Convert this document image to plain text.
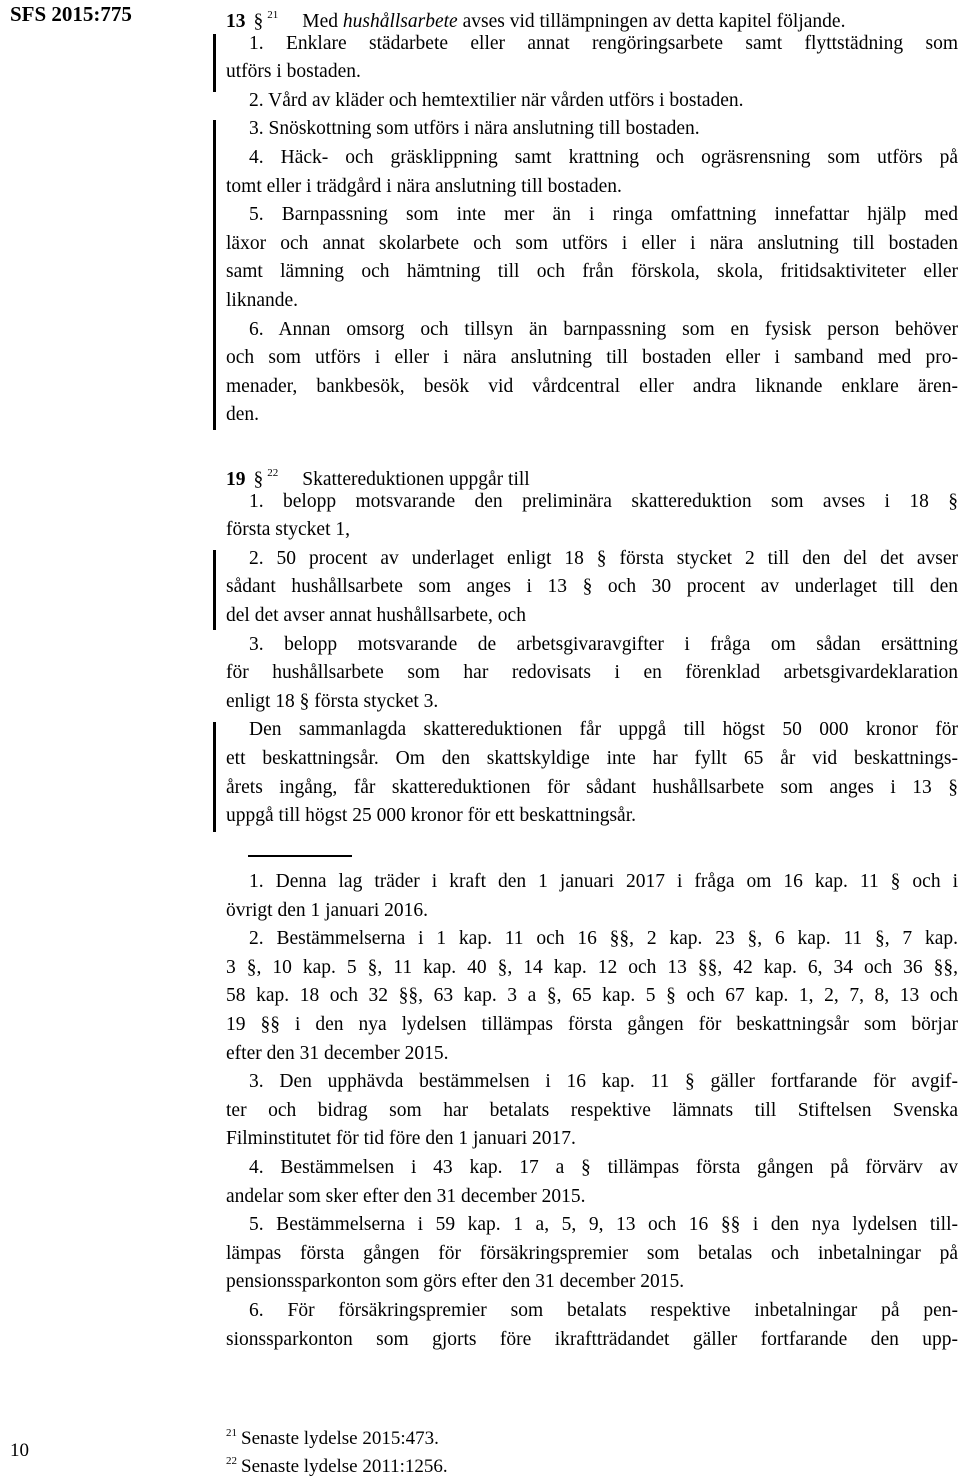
SFS 2015:775	13 § $^{21}$ Med hushållsarbete avses vid tillämpningen av detta kapitel följande.
1. Enklare städarbete eller annat rengöringsarbete samt flyttstädning som
utförs i bostaden.
2. Vård av kläder och hemtextilier när vården utförs i bostaden.
3. Snöskottning som utförs i nära anslutning till bostaden.
4. Häck- och gräsklippning samt krattning och ogräsrensning som utförs på
tomt eller i trädgård i nära anslutning till bostaden.
5. Barnpassning som inte mer än i ringa omfattning innefattar hjälp med
läxor och annat skolarbete och som utförs i eller i nära anslutning till bostaden
samt lämning och hämtning till och från förskola, skola, fritidsaktiviteter eller
liknande.
6. Annan omsorg och tillsyn än barnpassning som en fysisk person behöver
och som utförs i eller i nära anslutning till bostaden eller i samband med pro-
menader, bankbesök, besök vid vårdcentral eller andra liknande enklare ären-
den.
19 § $^{22}$ Skattereduktionen uppgår till
1. belopp motsvarande den preliminära skattereduktion som avses i 18 §
första stycket 1,
2. 50 procent av underlaget enligt 18 § första stycket 2 till den del det avser
sådant hushållsarbete som anges i 13 § och 30 procent av underlaget till den
del det avser annat hushållsarbete, och
3. belopp motsvarande de arbetsgivaravgifter i fråga om sådan ersättning
för hushållsarbete som har redovisats i en förenklad arbetsgivardeklaration
enligt 18 § första stycket 3.
Den sammanlagda skattereduktionen får uppgå till högst 50 000 kronor för
ett beskattningsår. Om den skattskyldige inte har fyllt 65 år vid beskattnings-
årets ingång, får skattereduktionen för sådant hushållsarbete som anges i 13 §
uppgå till högst 25 000 kronor för ett beskattningsår.
1. Denna lag träder i kraft den 1 januari 2017 i fråga om 16 kap. 11 § och i
övrigt den 1 januari 2016.
2. Bestämmelserna i 1 kap. 11 och 16 §§, 2 kap. 23 §, 6 kap. 11 §, 7 kap.
3 §, 10 kap. 5 §, 11 kap. 40 §, 14 kap. 12 och 13 §§, 42 kap. 6, 34 och 36 §§,
58 kap. 18 och 32 §§, 63 kap. 3 a §, 65 kap. 5 § och 67 kap. 1, 2, 7, 8, 13 och
19 §§ i den nya lydelsen tillämpas första gången för beskattningsår som börjar
efter den 31 december 2015.
3. Den upphävda bestämmelsen i 16 kap. 11 § gäller fortfarande för avgif-
ter och bidrag som har betalats respektive lämnats till Stiftelsen Svenska
Filminstitutet för tid före den 1 januari 2017.
4. Bestämmelsen i 43 kap. 17 a § tillämpas första gången på förvärv av
andelar som sker efter den 31 december 2015.
5. Bestämmelserna i 59 kap. 1 a, 5, 9, 13 och 16 §§ i den nya lydelsen till-
lämpas första gången för försäkringspremier som betalas och inbetalningar på
pensionssparkonton som görs efter den 31 december 2015.
6. För försäkringspremier som betalats respektive inbetalningar på pen-
sionssparkonton som gjorts före ikraftträdandet gäller fortfarande den upp-
$^{21}$ Senaste lydelse 2015:473.
$^{22}$ Senaste lydelse 2011:1256.
10
